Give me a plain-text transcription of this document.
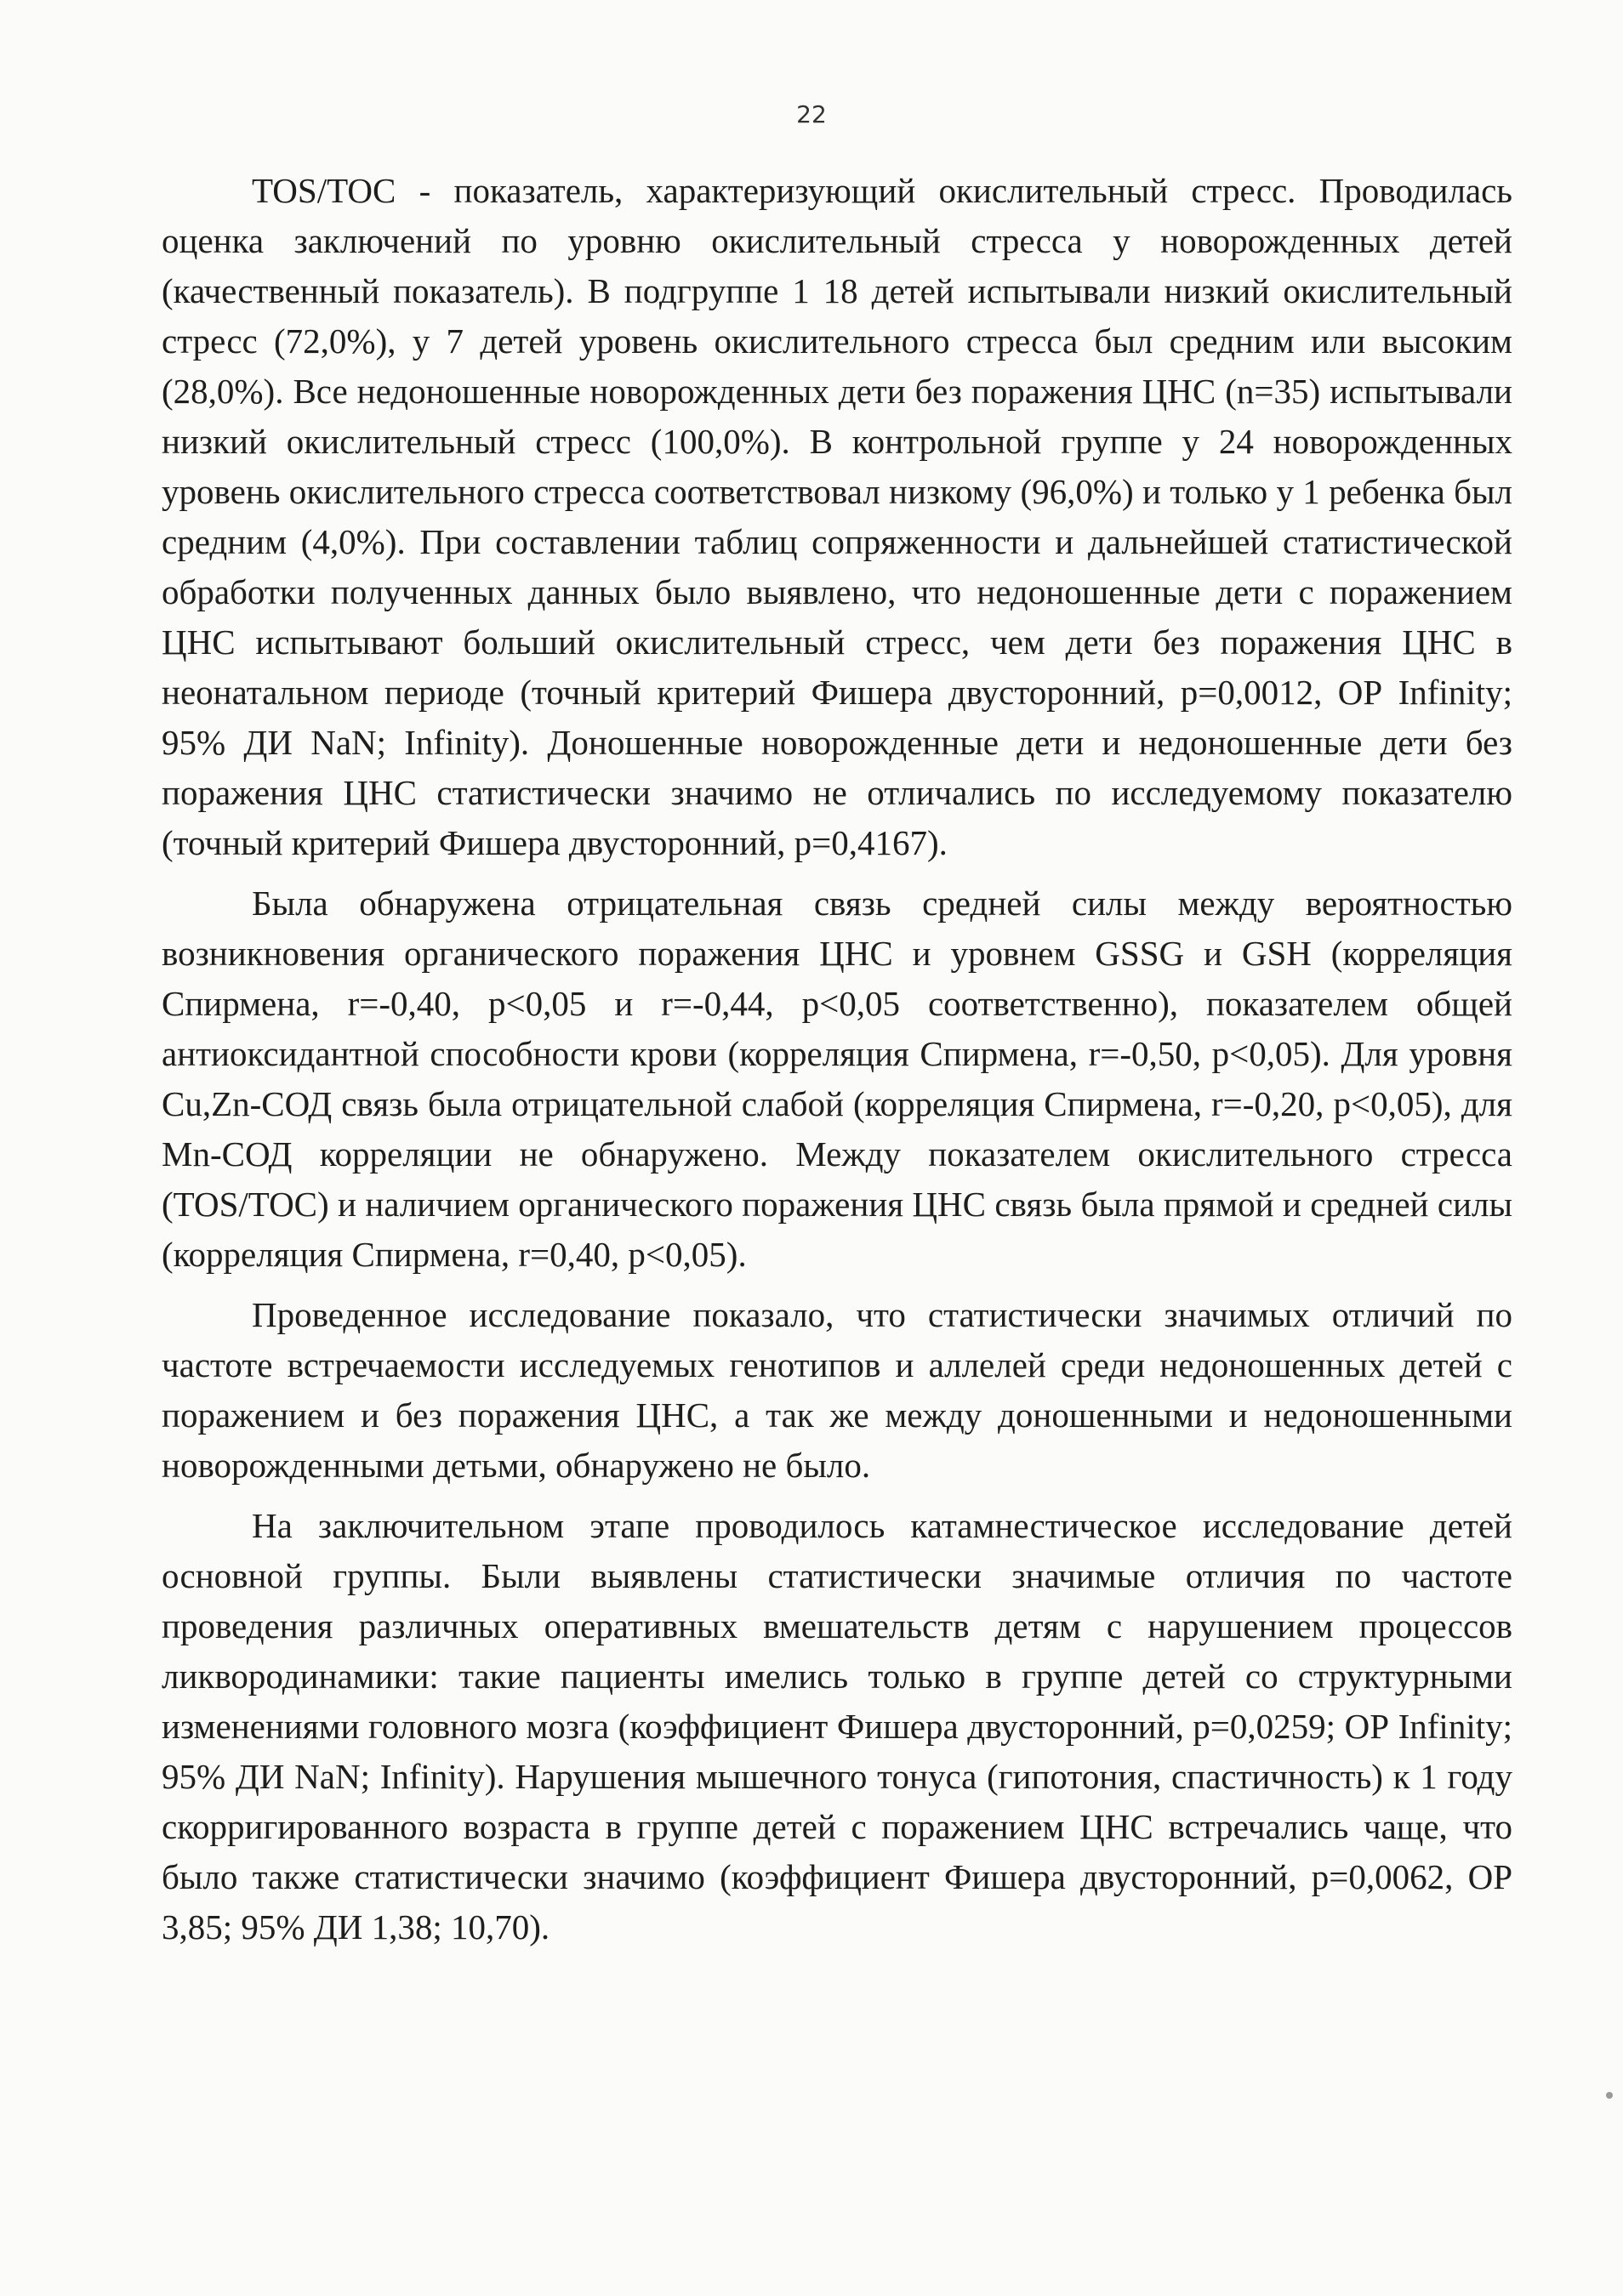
22

TOS/TOC - показатель, характеризующий окислительный стресс. Проводилась оценка заключений по уровню окислительный стресса у новорожденных детей (качественный показатель). В подгруппе 1 18 детей испытывали низкий окислительный стресс (72,0%), у 7 детей уровень окислительного стресса был средним или высоким (28,0%). Все недоношенные новорожденных дети без поражения ЦНС (n=35) испытывали низкий окислительный стресс (100,0%). В контрольной группе у 24 новорожденных уровень окислительного стресса соответствовал низкому (96,0%) и только у 1 ребенка был средним (4,0%). При составлении таблиц сопряженности и дальнейшей статистической обработки полученных данных было выявлено, что недоношенные дети с поражением ЦНС испытывают больший окислительный стресс, чем дети без поражения ЦНС в неонатальном периоде (точный критерий Фишера двусторонний, p=0,0012, ОР Infinity; 95% ДИ NaN; Infinity). Доношенные новорожденные дети и недоношенные дети без поражения ЦНС статистически значимо не отличались по исследуемому показателю (точный критерий Фишера двусторонний, p=0,4167).

Была обнаружена отрицательная связь средней силы между вероятностью возникновения органического поражения ЦНС и уровнем GSSG и GSH (корреляция Спирмена, r=-0,40, p<0,05 и r=-0,44, p<0,05 соответственно), показателем общей антиоксидантной способности крови (корреляция Спирмена, r=-0,50, p<0,05). Для уровня Cu,Zn-СОД связь была отрицательной слабой (корреляция Спирмена, r=-0,20, p<0,05), для Mn-СОД корреляции не обнаружено. Между показателем окислительного стресса (TOS/TOC) и наличием органического поражения ЦНС связь была прямой и средней силы (корреляция Спирмена, r=0,40, p<0,05).

Проведенное исследование показало, что статистически значимых отличий по частоте встречаемости исследуемых генотипов и аллелей среди недоношенных детей с поражением и без поражения ЦНС, а так же между доношенными и недоношенными новорожденными детьми, обнаружено не было.

На заключительном этапе проводилось катамнестическое исследование детей основной группы. Были выявлены статистически значимые отличия по частоте проведения различных оперативных вмешательств детям с нарушением процессов ликвородинамики: такие пациенты имелись только в группе детей со структурными изменениями головного мозга (коэффициент Фишера двусторонний, p=0,0259; ОР Infinity; 95% ДИ NaN; Infinity). Нарушения мышечного тонуса (гипотония, спастичность) к 1 году скорригированного возраста в группе детей с поражением ЦНС встречались чаще, что было также статистически значимо (коэффициент Фишера двусторонний, p=0,0062, ОР 3,85; 95% ДИ 1,38; 10,70).
